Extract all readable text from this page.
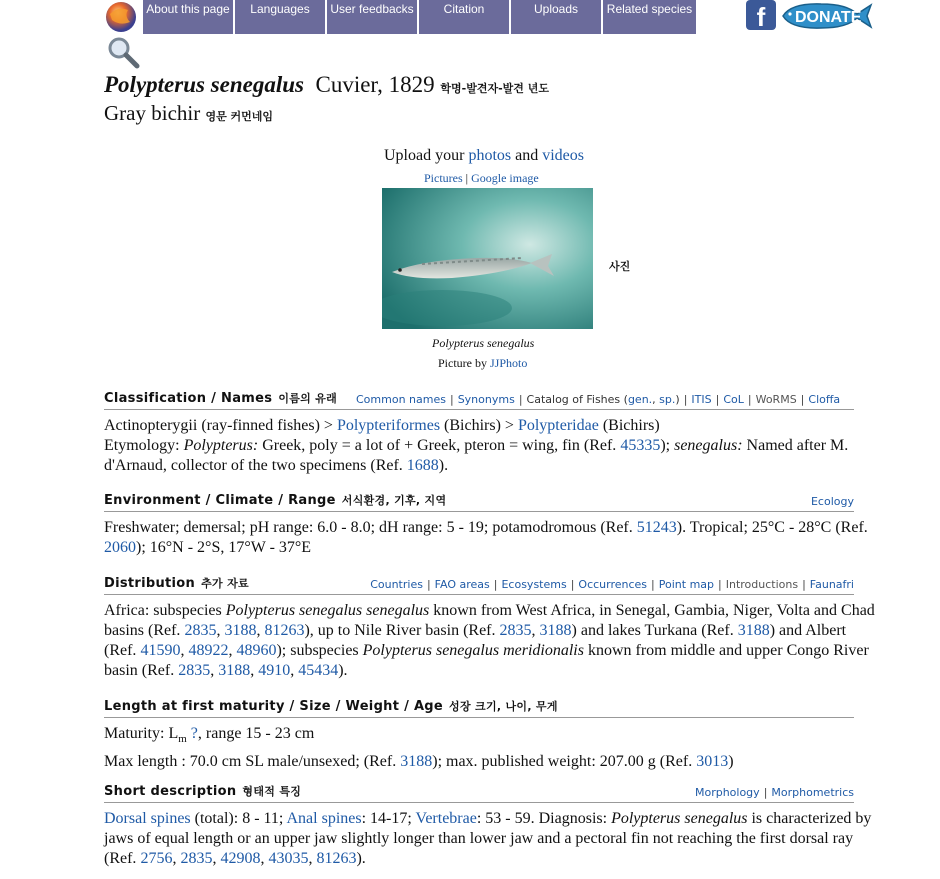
About this page	Languages	User feedbacks	Citation	Uploads	Related species	f	DONATE
Polypterus senegalus Cuvier, 1829 학명-발견자-발견 년도
Gray bichir 영문 커먼네임
Upload your photos and videos
Pictures | Google image
사진
Polypterus senegalus
Picture by JJPhoto
Classification / Names 이름의 유래 Common names | Synonyms | Catalog of Fishes (gen., sp.) | ITIS | CoL | WoRMS | Cloffa
Actinopterygii (ray-finned fishes) > Polypteriformes (Bichirs) > Polypteridae (Bichirs)
Etymology: Polypterus: Greek, poly = a lot of + Greek, pteron = wing, fin (Ref. 45335); senegalus: Named after M. d'Arnaud, collector of the two specimens (Ref. 1688).
Environment / Climate / Range 서식환경, 기후, 지역	Ecology
Freshwater; demersal; pH range: 6.0 - 8.0; dH range: 5 - 19; potamodromous (Ref. 51243). Tropical; 25°C - 28°C (Ref. 2060); 16°N - 2°S, 17°W - 37°E
Distribution 추가 자료	Countries | FAO areas | Ecosystems | Occurrences | Point map | Introductions | Faunafri
Africa: subspecies Polypterus senegalus senegalus known from West Africa, in Senegal, Gambia, Niger, Volta and Chad basins (Ref. 2835, 3188, 81263), up to Nile River basin (Ref. 2835, 3188) and lakes Turkana (Ref. 3188) and Albert (Ref. 41590, 48922, 48960); subspecies Polypterus senegalus meridionalis known from middle and upper Congo River basin (Ref. 2835, 3188, 4910, 45434).
Length at first maturity / Size / Weight / Age 성장 크기, 나이, 무게
Maturity: $L_m$ ?, range 15 - 23 cm
Max length : 70.0 cm SL male/unsexed; (Ref. 3188); max. published weight: 207.00 g (Ref. 3013)
Short description 형태적 특징	Morphology | Morphometrics
Dorsal spines (total): 8 - 11; Anal spines: 14-17; Vertebrae: 53 - 59. Diagnosis: Polypterus senegalus is characterized by jaws of equal length or an upper jaw slightly longer than lower jaw and a pectoral fin not reaching the first dorsal ray (Ref. 2756, 2835, 42908, 43035, 81263).
